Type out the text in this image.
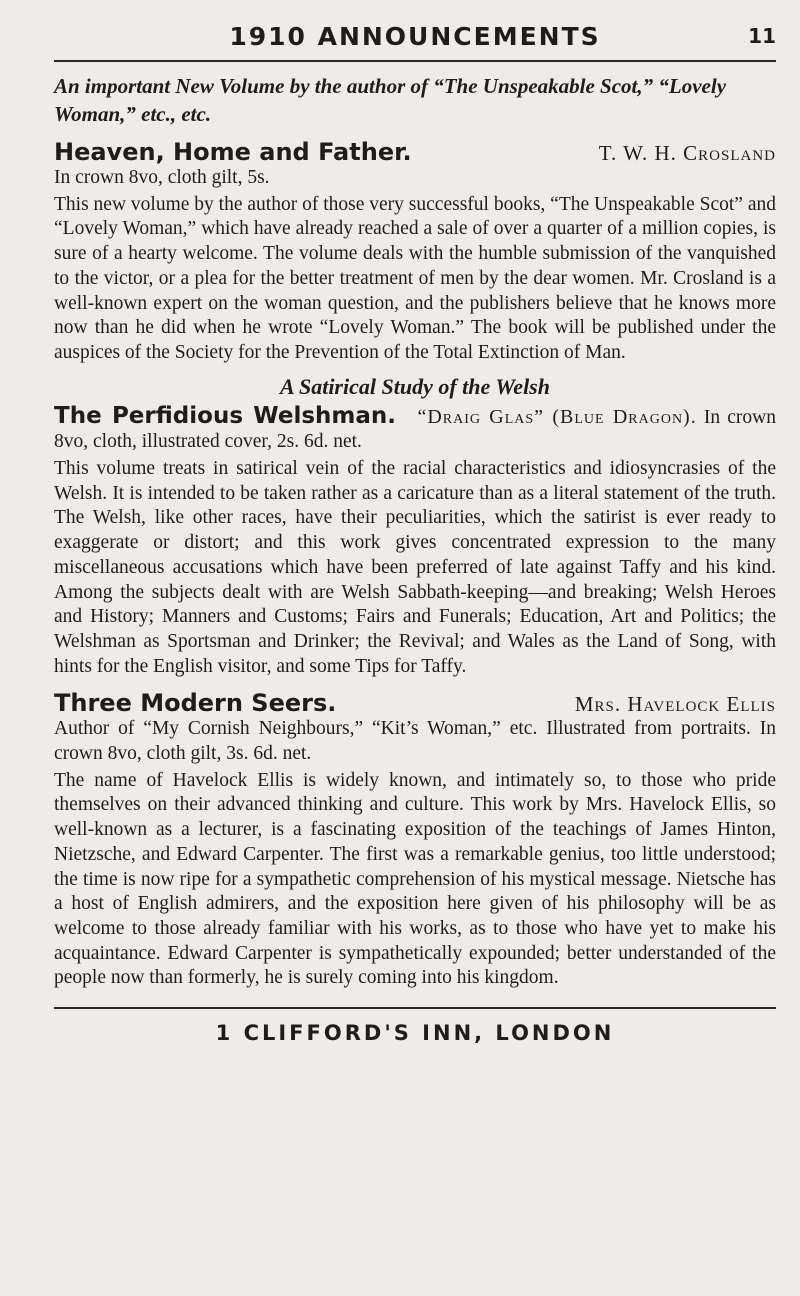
1910 ANNOUNCEMENTS	11
An important New Volume by the author of “The Unspeakable Scot,” “Lovely Woman,” etc., etc.
Heaven, Home and Father.	T. W. H. Crosland

In crown 8vo, cloth gilt, 5s.

This new volume by the author of those very successful books, “The Unspeakable Scot” and “Lovely Woman,” which have already reached a sale of over a quarter of a million copies, is sure of a hearty welcome. The volume deals with the humble submission of the vanquished to the victor, or a plea for the better treatment of men by the dear women. Mr. Crosland is a well-known expert on the woman question, and the publishers believe that he knows more now than he did when he wrote “Lovely Woman.” The book will be published under the auspices of the Society for the Prevention of the Total Extinction of Man.

A Satirical Study of the Welsh

The Perfidious Welshman. “Draig Glas” (Blue Dragon). In crown 8vo, cloth, illustrated cover, 2s. 6d. net.

This volume treats in satirical vein of the racial characteristics and idiosyncrasies of the Welsh. It is intended to be taken rather as a caricature than as a literal statement of the truth. The Welsh, like other races, have their peculiarities, which the satirist is ever ready to exaggerate or distort; and this work gives concentrated expression to the many miscellaneous accusations which have been preferred of late against Taffy and his kind. Among the subjects dealt with are Welsh Sabbath-keeping—and breaking; Welsh Heroes and History; Manners and Customs; Fairs and Funerals; Education, Art and Politics; the Welshman as Sportsman and Drinker; the Revival; and Wales as the Land of Song, with hints for the English visitor, and some Tips for Taffy.

Three Modern Seers.	Mrs. Havelock Ellis

Author of “My Cornish Neighbours,” “Kit’s Woman,” etc. Illustrated from portraits. In crown 8vo, cloth gilt, 3s. 6d. net.

The name of Havelock Ellis is widely known, and intimately so, to those who pride themselves on their advanced thinking and culture. This work by Mrs. Havelock Ellis, so well-known as a lecturer, is a fascinating exposition of the teachings of James Hinton, Nietzsche, and Edward Carpenter. The first was a remarkable genius, too little understood; the time is now ripe for a sympathetic comprehension of his mystical message. Nietsche has a host of English admirers, and the exposition here given of his philosophy will be as welcome to those already familiar with his works, as to those who have yet to make his acquaintance. Edward Carpenter is sympathetically expounded; better understanded of the people now than formerly, he is surely coming into his kingdom.

1 CLIFFORD'S INN, LONDON
